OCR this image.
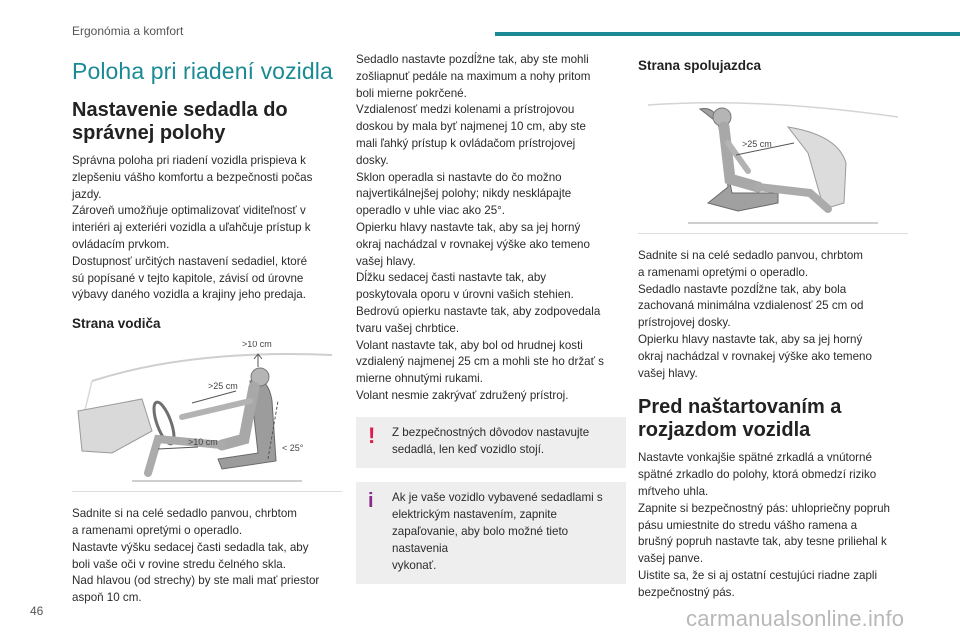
Ergonómia a komfort
Poloha pri riadení vozidla
Nastavenie sedadla do správnej polohy

Správna poloha pri riadení vozidla prispieva k
zlepšeniu vášho komfortu a bezpečnosti počas
jazdy.
Zároveň umožňuje optimalizovať viditeľnosť v
interiéri aj exteriéri vozidla a uľahčuje prístup k
ovládacím prvkom.
Dostupnosť určitých nastavení sedadiel, ktoré
sú popísané v tejto kapitole, závisí od úrovne
výbavy daného vozidla a krajiny jeho predaja.

Strana vodiča
>10 cm
>25 cm
>10 cm
< 25°

Sadnite si na celé sedadlo panvou, chrbtom
a ramenami opretými o operadlo.
Nastavte výšku sedacej časti sedadla tak, aby
boli vaše oči v rovine stredu čelného skla.
Nad hlavou (od strechy) by ste mali mať priestor
aspoň 10 cm.

Sedadlo nastavte pozdĺžne tak, aby ste mohli
zošliapnuť pedále na maximum a nohy pritom
boli mierne pokrčené.
Vzdialenosť medzi kolenami a prístrojovou
doskou by mala byť najmenej 10 cm, aby ste
mali ľahký prístup k ovládačom prístrojovej
dosky.
Sklon operadla si nastavte do čo možno
najvertikálnejšej polohy; nikdy nesklápajte
operadlo v uhle viac ako 25°.
Opierku hlavy nastavte tak, aby sa jej horný
okraj nachádzal v rovnakej výške ako temeno
vašej hlavy.
Dĺžku sedacej časti nastavte tak, aby
poskytovala oporu v úrovni vašich stehien.
Bedrovú opierku nastavte tak, aby zodpovedala
tvaru vašej chrbtice.
Volant nastavte tak, aby bol od hrudnej kosti
vzdialený najmenej 25 cm a mohli ste ho držať s
mierne ohnutými rukami.
Volant nesmie zakrývať združený prístroj.

! Z bezpečnostných dôvodov nastavujte
sedadlá, len keď vozidlo stojí.
i Ak je vaše vozidlo vybavené sedadlami s
elektrickým nastavením, zapnite
zapaľovanie, aby bolo možné tieto nastavenia
vykonať.
Strana spolujazdca
>25 cm

Sadnite si na celé sedadlo panvou, chrbtom
a ramenami opretými o operadlo.
Sedadlo nastavte pozdĺžne tak, aby bola
zachovaná minimálna vzdialenosť 25 cm od
prístrojovej dosky.
Opierku hlavy nastavte tak, aby sa jej horný
okraj nachádzal v rovnakej výške ako temeno
vašej hlavy.

Pred naštartovaním a rozjazdom vozidla

Nastavte vonkajšie spätné zrkadlá a vnútorné
spätné zrkadlo do polohy, ktorá obmedzí riziko
mŕtveho uhla.
Zapnite si bezpečnostný pás: uhlopriečny popruh
pásu umiestnite do stredu vášho ramena a
brušný popruh nastavte tak, aby tesne priliehal k
vašej panve.
Uistite sa, že si aj ostatní cestujúci riadne zapli
bezpečnostný pás.

46	carmanualsonline.info
